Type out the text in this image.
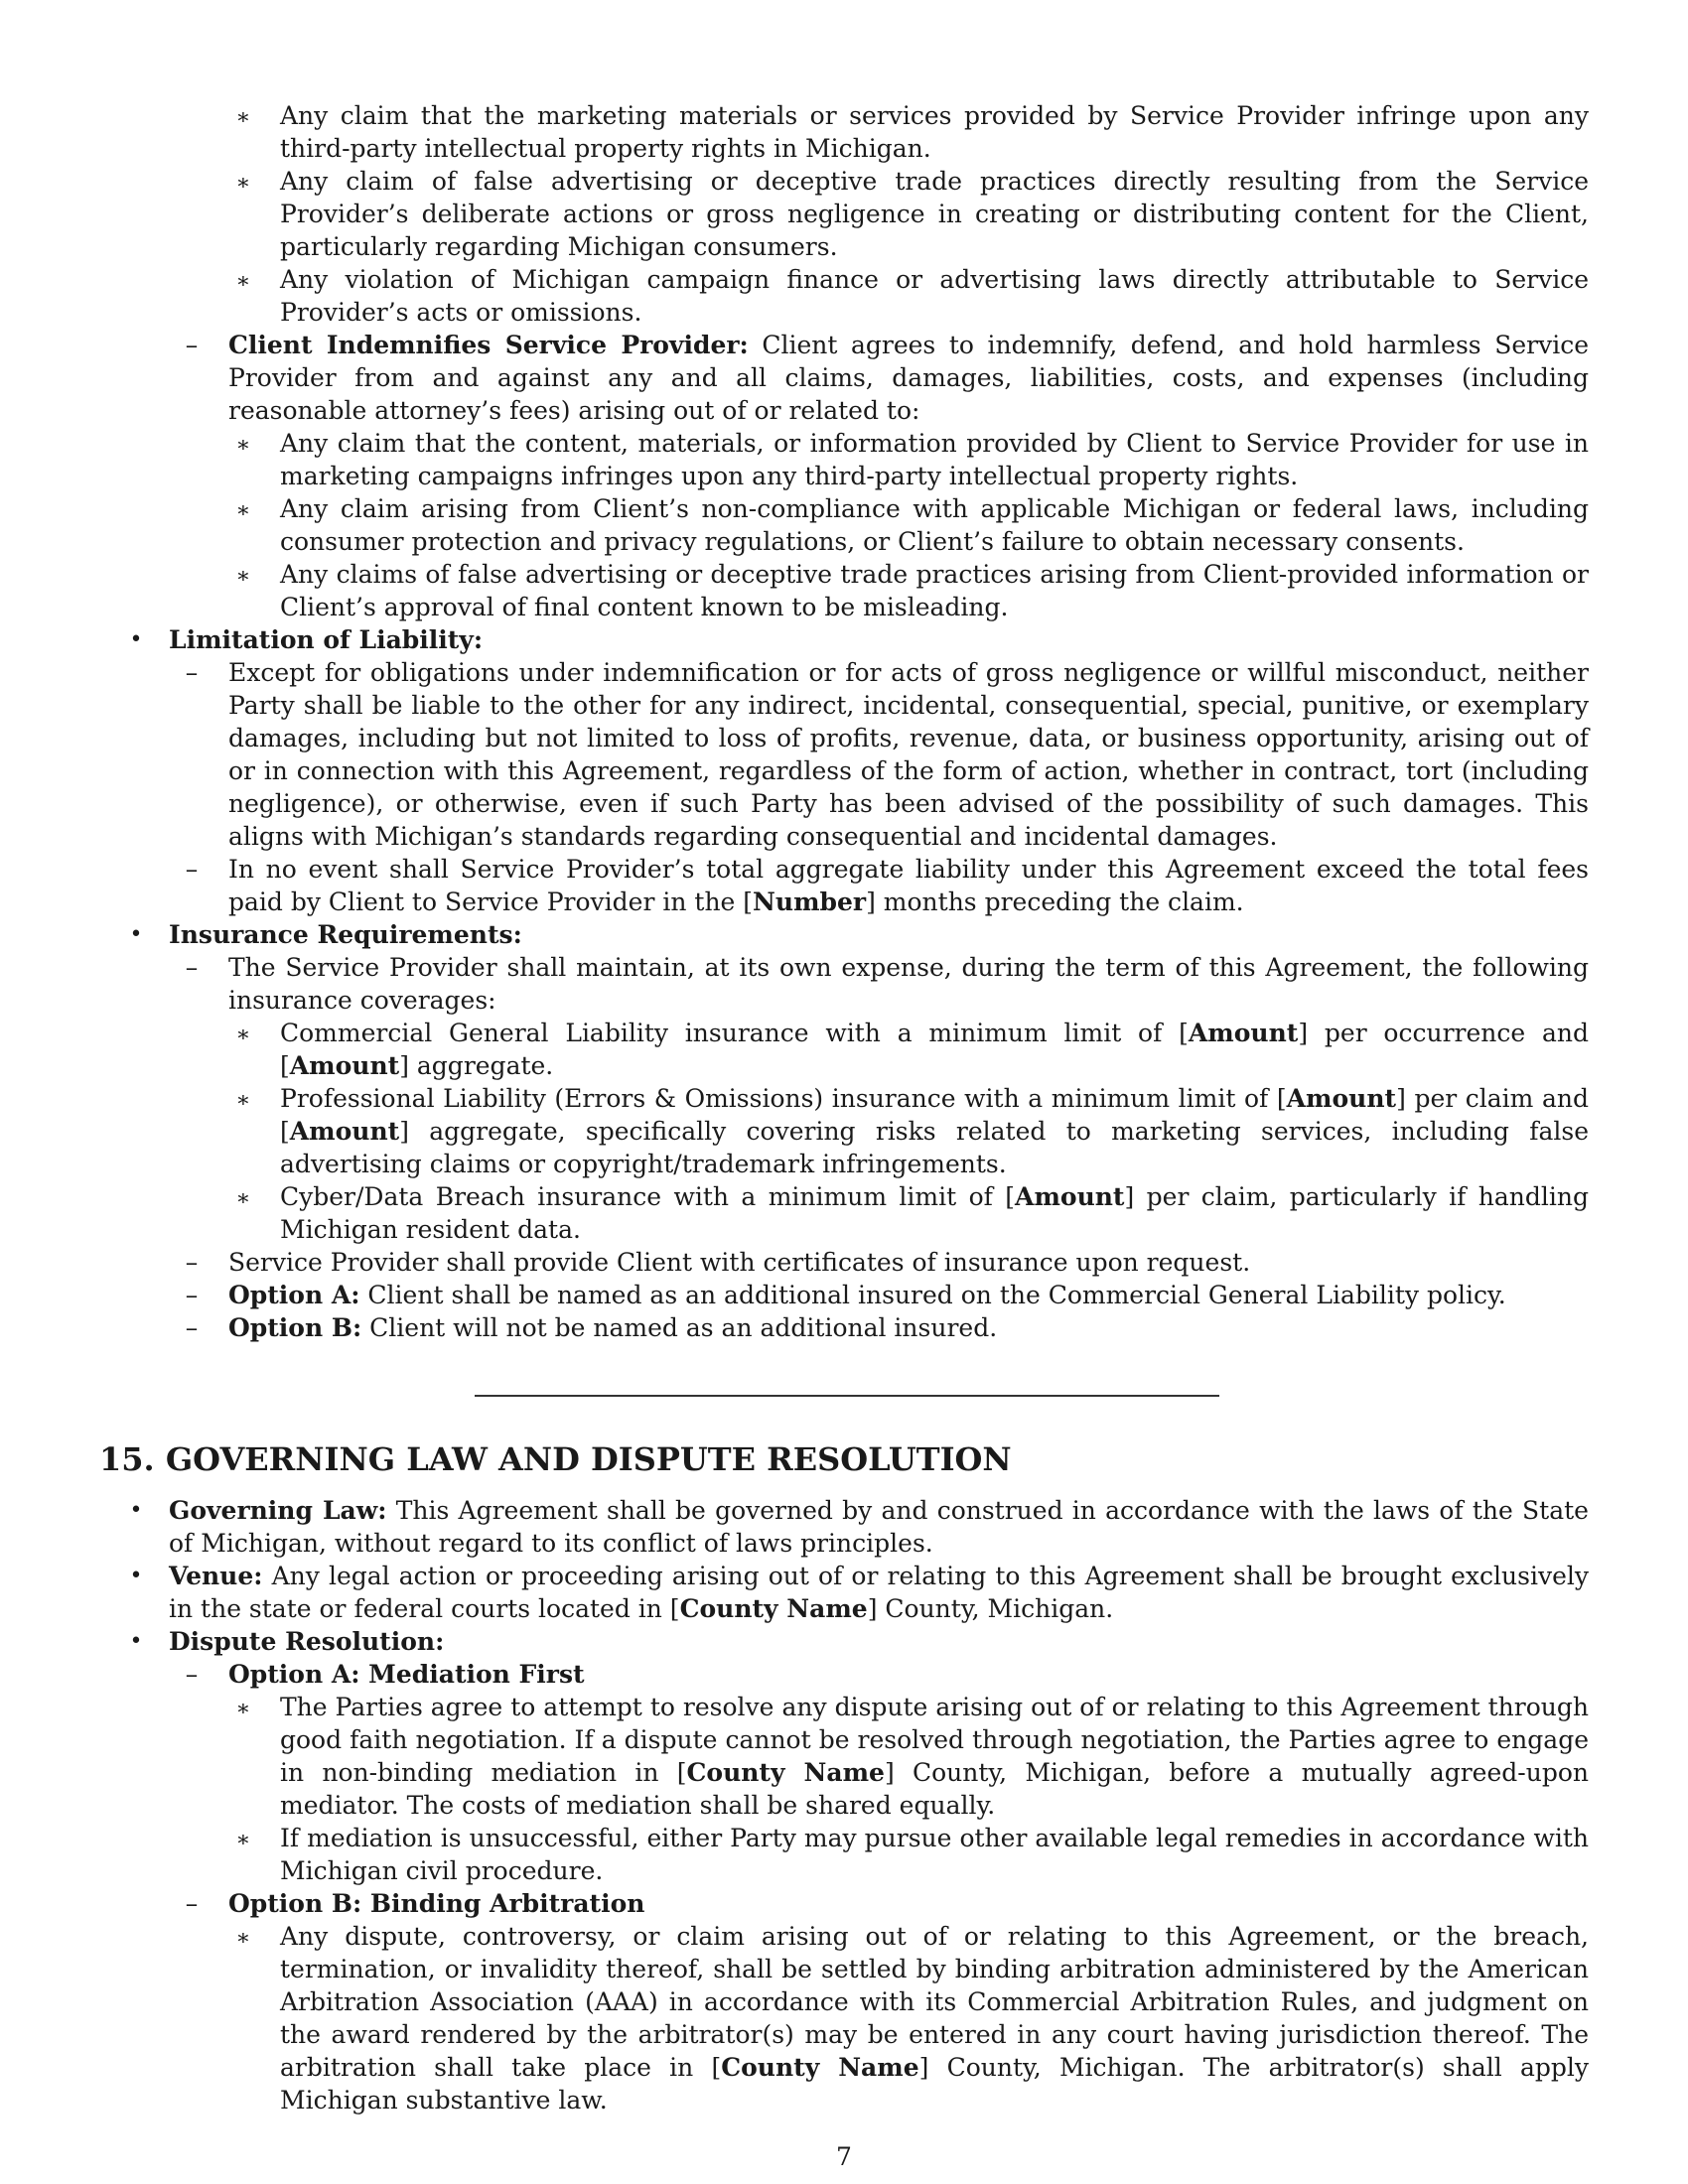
∗	Any claim that the marketing materials or services provided by Service Provider infringe upon any third-party intellectual property rights in Michigan.
∗	Any claim of false advertising or deceptive trade practices directly resulting from the Service Provider’s deliberate actions or gross negligence in creating or distributing content for the Client, particularly regarding Michigan consumers.
∗	Any violation of Michigan campaign finance or advertising laws directly attributable to Service Provider’s acts or omissions.
–	Client Indemnifies Service Provider: Client agrees to indemnify, defend, and hold harmless Service Provider from and against any and all claims, damages, liabilities, costs, and expenses (including reasonable attorney’s fees) arising out of or related to:
∗	Any claim that the content, materials, or information provided by Client to Service Provider for use in marketing campaigns infringes upon any third-party intellectual property rights.
∗	Any claim arising from Client’s non-compliance with applicable Michigan or federal laws, including consumer protection and privacy regulations, or Client’s failure to obtain necessary consents.
∗	Any claims of false advertising or deceptive trade practices arising from Client-provided information or Client’s approval of final content known to be misleading.
•	Limitation of Liability:
–	Except for obligations under indemnification or for acts of gross negligence or willful misconduct, neither Party shall be liable to the other for any indirect, incidental, consequential, special, punitive, or exemplary damages, including but not limited to loss of profits, revenue, data, or business opportunity, arising out of or in connection with this Agreement, regardless of the form of action, whether in contract, tort (including negligence), or otherwise, even if such Party has been advised of the possibility of such damages. This aligns with Michigan’s standards regarding consequential and incidental damages.
–	In no event shall Service Provider’s total aggregate liability under this Agreement exceed the total fees paid by Client to Service Provider in the [Number] months preceding the claim.
•	Insurance Requirements:
–	The Service Provider shall maintain, at its own expense, during the term of this Agreement, the following insurance coverages:
∗	Commercial General Liability insurance with a minimum limit of [Amount] per occurrence and [Amount] aggregate.
∗	Professional Liability (Errors & Omissions) insurance with a minimum limit of [Amount] per claim and [Amount] aggregate, specifically covering risks related to marketing services, including false advertising claims or copyright/trademark infringements.
∗	Cyber/Data Breach insurance with a minimum limit of [Amount] per claim, particularly if handling Michigan resident data.
–	Service Provider shall provide Client with certificates of insurance upon request.
–	Option A: Client shall be named as an additional insured on the Commercial General Liability policy.
–	Option B: Client will not be named as an additional insured.
15. GOVERNING LAW AND DISPUTE RESOLUTION
•	Governing Law: This Agreement shall be governed by and construed in accordance with the laws of the State of Michigan, without regard to its conflict of laws principles.
•	Venue: Any legal action or proceeding arising out of or relating to this Agreement shall be brought exclusively in the state or federal courts located in [County Name] County, Michigan.
•	Dispute Resolution:
–	Option A: Mediation First
∗	The Parties agree to attempt to resolve any dispute arising out of or relating to this Agreement through good faith negotiation. If a dispute cannot be resolved through negotiation, the Parties agree to engage in non-binding mediation in [County Name] County, Michigan, before a mutually agreed-upon mediator. The costs of mediation shall be shared equally.
∗	If mediation is unsuccessful, either Party may pursue other available legal remedies in accordance with Michigan civil procedure.
–	Option B: Binding Arbitration
∗	Any dispute, controversy, or claim arising out of or relating to this Agreement, or the breach, termination, or invalidity thereof, shall be settled by binding arbitration administered by the American Arbitration Association (AAA) in accordance with its Commercial Arbitration Rules, and judgment on the award rendered by the arbitrator(s) may be entered in any court having jurisdiction thereof. The arbitration shall take place in [County Name] County, Michigan. The arbitrator(s) shall apply Michigan substantive law.
7
